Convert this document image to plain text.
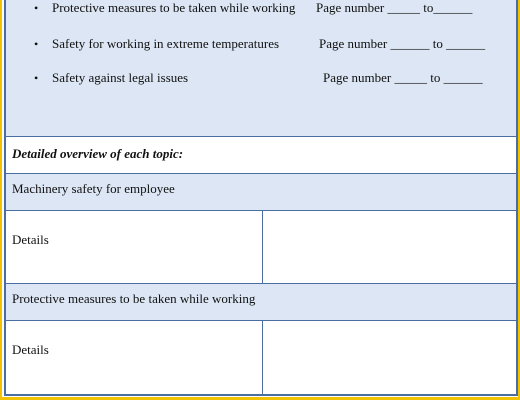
• Protective measures to be taken while working Page number _____ to______
• Safety for working in extreme temperatures	Page number ______ to ______
• Safety against legal issues	Page number _____ to ______
Detailed overview of each topic:
Machinery safety for employee
Details
Protective measures to be taken while working
Details
